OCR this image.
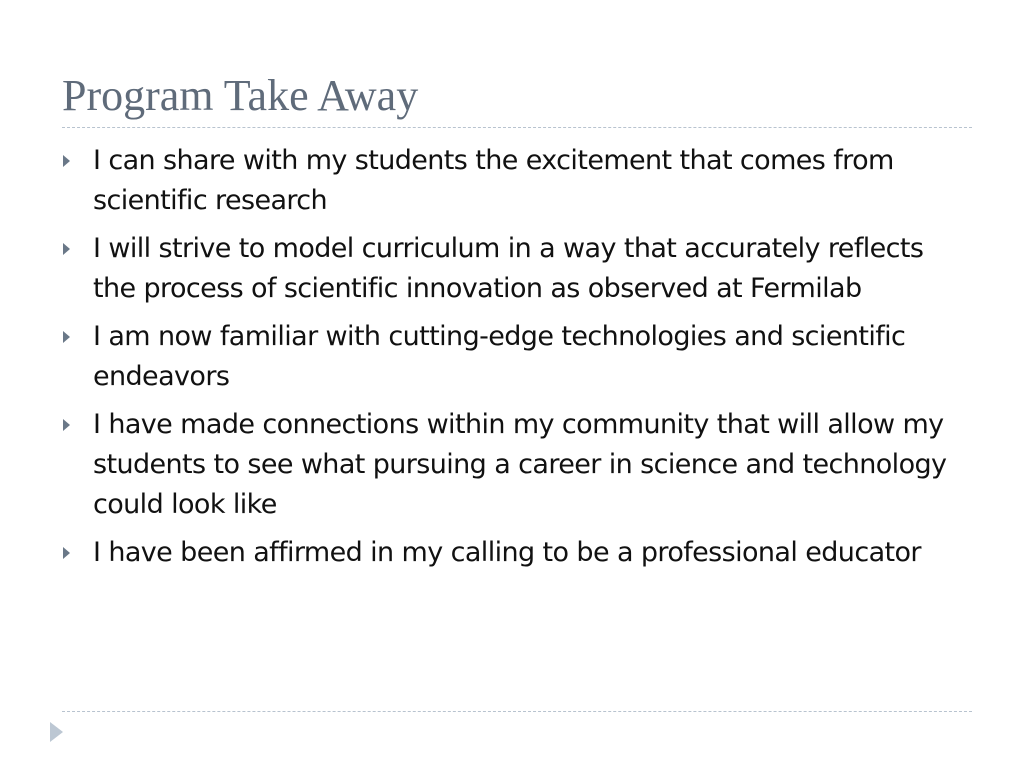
Program Take Away
I can share with my students the excitement that comes from scientific research
I will strive to model curriculum in a way that accurately reflects the process of scientific innovation as observed at Fermilab
I am now familiar with cutting-edge technologies and scientific endeavors
I have made connections within my community that will allow my students to see what pursuing a career in science and technology could look like
I have been affirmed in my calling to be a professional educator
